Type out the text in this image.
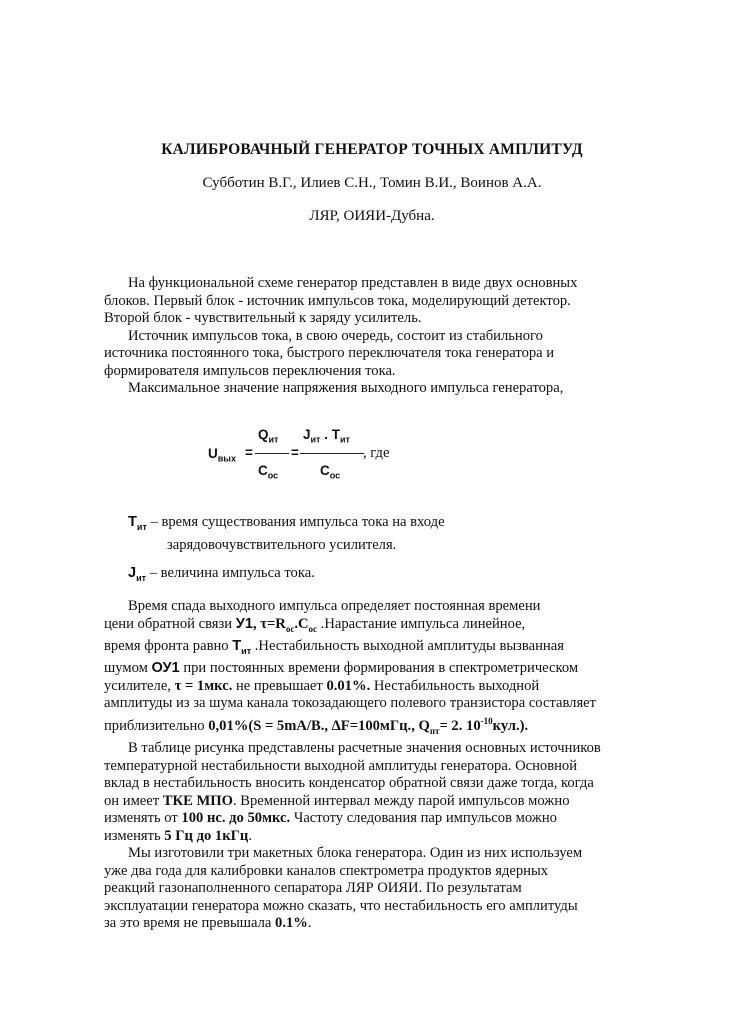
КАЛИБРОВАЧНЫЙ ГЕНЕРАТОР ТОЧНЫХ АМПЛИТУД
Субботин В.Г., Илиев С.Н., Томин В.И., Воинов А.А.
ЛЯР, ОИЯИ-Дубна.
На функциональной схеме генератор представлен в виде двух основных
блоков. Первый блок - источник импульсов тока, моделирующий детектор.
Второй блок - чувствительный к заряду усилитель.
Источник импульсов тока, в свою очередь, состоит из стабильного
источника постоянного тока, быстрого переключателя тока генератора и
формирователя импульсов переключения тока.
Максимальное значение напряжения выходного импульса генератора,
$U_{вых}$ =
$Q_{ит}$
$C_{ос}$
=
$J_{ит}$ . $T_{ит}$
$C_{ос}$
, где
$T_{ит}$ – время существования импульса тока на входе
зарядовочувствительного усилителя.
$J_{ит}$ – величина импульса тока.
Время спада выходного импульса определяет постоянная времени
цени обратной связи У1, $\tau=R_{oc}.C_{oc}$ .Нарастание импульса линейное,
время фронта равно $T_{ит}$ .Нестабильность выходной амплитуды вызванная
шумом ОУ1 при постоянных времени формирования в спектрометрическом
усилителе, τ = 1мкс. не превышает 0.01%. Нестабильность выходной
амплитуды из за шума канала токозадающего полевого транзистора составляет
приблизительно 0,01%(S = 5mA/B., ΔF=100мГц., $Q_{пт}= 2$. $10^{-10}кул$.).
В таблице рисунка представлены расчетные значения основных источников
температурной нестабильности выходной амплитуды генератора. Основной
вклад в нестабильность вносить конденсатор обратной связи даже тогда, когда
он имеет ТКЕ МПО. Временной интервал между парой импульсов можно
изменять от 100 нс. до 50мкс. Частоту следования пар импульсов можно
изменять 5 Гц до 1кГц.
Мы изготовили три макетных блока генератора. Один из них используем
уже два года для калибровки каналов спектрометра продуктов ядерных
реакций газонаполненного сепаратора ЛЯР ОИЯИ. По результатам
эксплуатации генератора можно сказать, что нестабильность его амплитуды
за это время не превышала 0.1%.
